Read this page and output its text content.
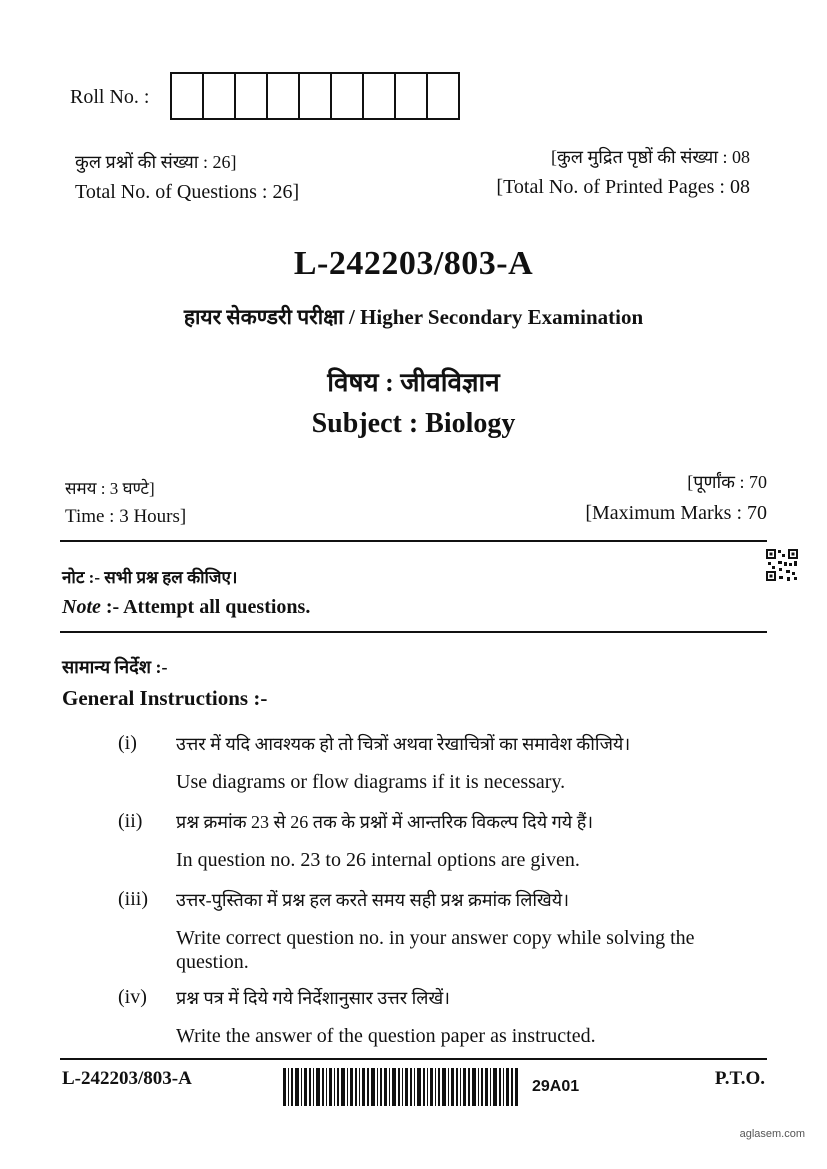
Roll No. :
कुल प्रश्नों की संख्या : 26]
Total No. of Questions : 26]
[कुल मुद्रित पृष्ठों की संख्या : 08
[Total No. of Printed Pages : 08
L-242203/803-A
हायर सेकण्डरी परीक्षा / Higher Secondary Examination
विषय : जीवविज्ञान
Subject : Biology
समय : 3 घण्टे]
Time : 3 Hours]
[पूर्णांक : 70
[Maximum Marks : 70
नोट :- सभी प्रश्न हल कीजिए।
Note :- Attempt all questions.
सामान्य निर्देश :-
General Instructions :-
(i)	उत्तर में यदि आवश्यक हो तो चित्रों अथवा रेखाचित्रों का समावेश कीजिये।
Use diagrams or flow diagrams if it is necessary.
(ii)	प्रश्न क्रमांक 23 से 26 तक के प्रश्नों में आन्तरिक विकल्प दिये गये हैं।
In question no. 23 to 26 internal options are given.
(iii)	उत्तर-पुस्तिका में प्रश्न हल करते समय सही प्रश्न क्रमांक लिखिये।
Write correct question no. in your answer copy while solving the question.
(iv)	प्रश्न पत्र में दिये गये निर्देशानुसार उत्तर लिखें।
Write the answer of the question paper as instructed.
L-242203/803-A	29A01	P.T.O.
aglasem.com
